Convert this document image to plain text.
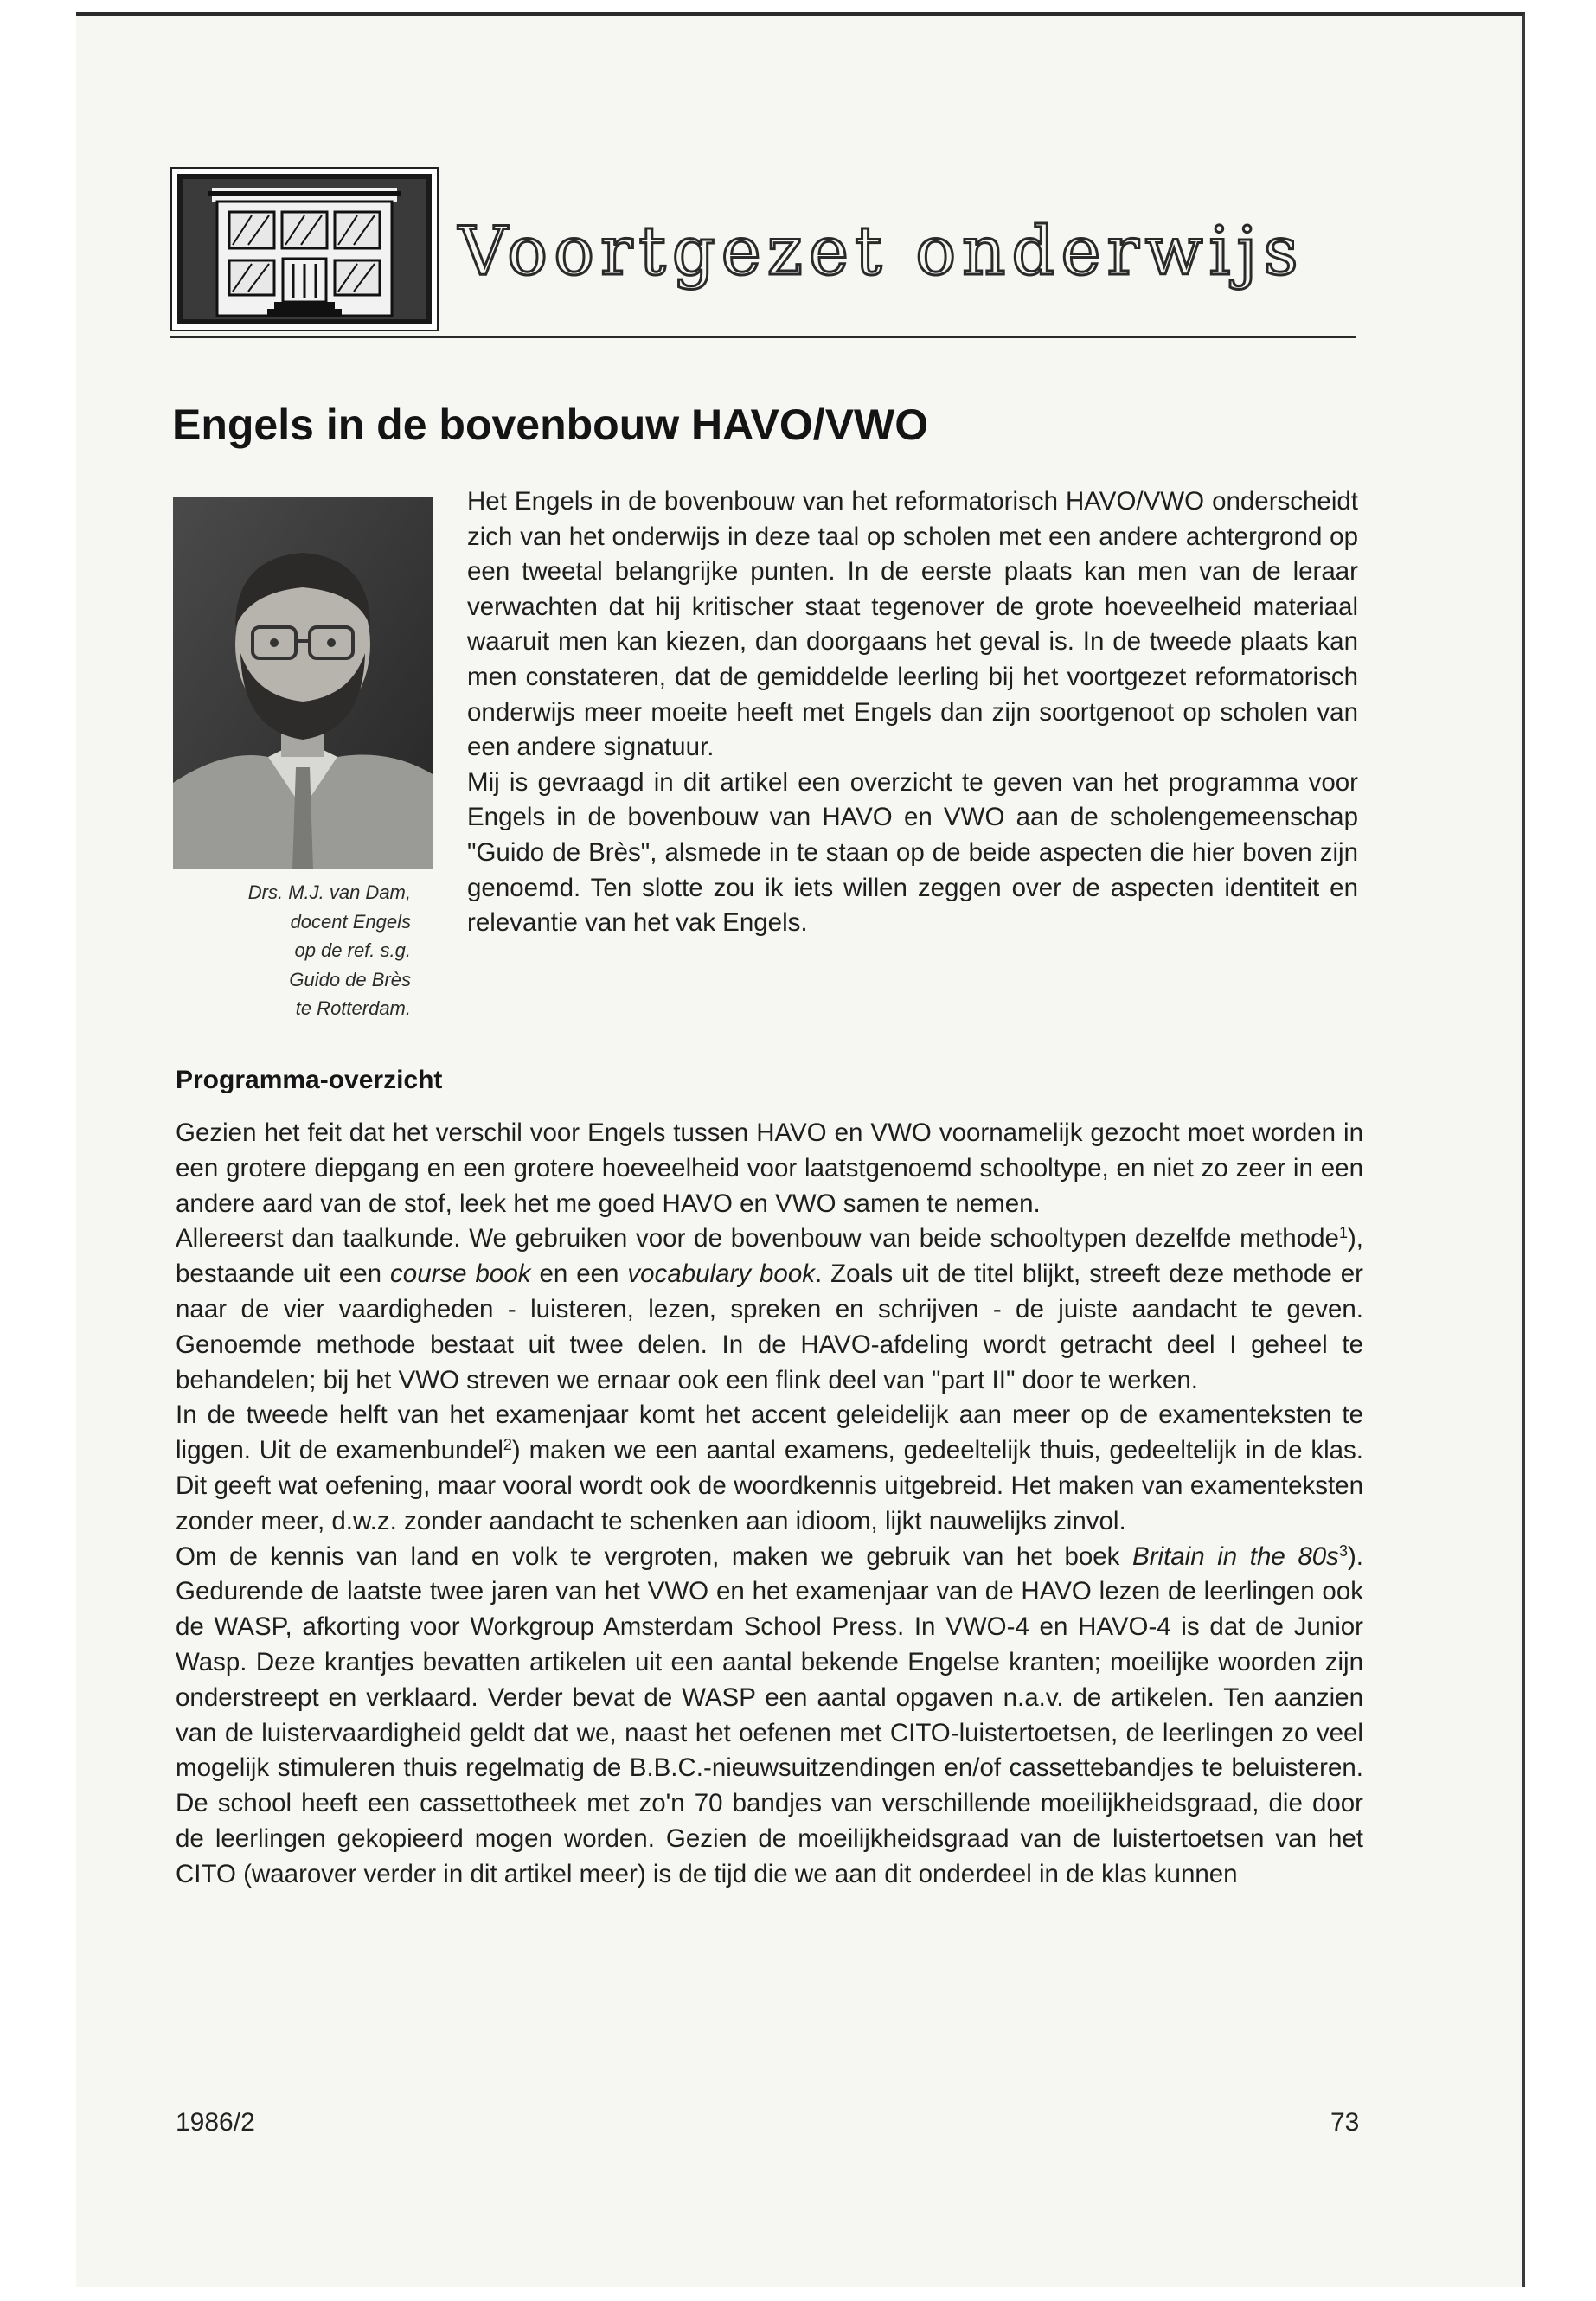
Voortgezet onderwijs
Engels in de bovenbouw HAVO/VWO
Drs. M.J. van Dam,
docent Engels
op de ref. s.g.
Guido de Brès
te Rotterdam.

Het Engels in de bovenbouw van het reformatorisch HAVO/VWO onderscheidt zich van het onderwijs in deze taal op scholen met een andere achtergrond op een tweetal belangrijke punten. In de eerste plaats kan men van de leraar verwachten dat hij kritischer staat tegenover de grote hoeveelheid materiaal waaruit men kan kiezen, dan doorgaans het geval is. In de tweede plaats kan men constateren, dat de gemiddelde leerling bij het voortgezet reformatorisch onderwijs meer moeite heeft met Engels dan zijn soortgenoot op scholen van een andere signatuur.

Mij is gevraagd in dit artikel een overzicht te geven van het programma voor Engels in de bovenbouw van HAVO en VWO aan de scholengemeenschap "Guido de Brès", alsmede in te staan op de beide aspecten die hier boven zijn genoemd. Ten slotte zou ik iets willen zeggen over de aspecten identiteit en relevantie van het vak Engels.

Programma-overzicht

Gezien het feit dat het verschil voor Engels tussen HAVO en VWO voornamelijk gezocht moet worden in een grotere diepgang en een grotere hoeveelheid voor laatstgenoemd schooltype, en niet zo zeer in een andere aard van de stof, leek het me goed HAVO en VWO samen te nemen.

Allereerst dan taalkunde. We gebruiken voor de bovenbouw van beide schooltypen dezelfde methode$^1$), bestaande uit een course book en een vocabulary book. Zoals uit de titel blijkt, streeft deze methode er naar de vier vaardigheden - luisteren, lezen, spreken en schrijven - de juiste aandacht te geven. Genoemde methode bestaat uit twee delen. In de HAVO-afdeling wordt getracht deel I geheel te behandelen; bij het VWO streven we ernaar ook een flink deel van "part II" door te werken.

In de tweede helft van het examenjaar komt het accent geleidelijk aan meer op de examenteksten te liggen. Uit de examenbundel$^2$) maken we een aantal examens, gedeeltelijk thuis, gedeeltelijk in de klas. Dit geeft wat oefening, maar vooral wordt ook de woordkennis uitgebreid. Het maken van examenteksten zonder meer, d.w.z. zonder aandacht te schenken aan idioom, lijkt nauwelijks zinvol.

Om de kennis van land en volk te vergroten, maken we gebruik van het boek Britain in the 80s$^3$). Gedurende de laatste twee jaren van het VWO en het examenjaar van de HAVO lezen de leerlingen ook de WASP, afkorting voor Workgroup Amsterdam School Press. In VWO-4 en HAVO-4 is dat de Junior Wasp. Deze krantjes bevatten artikelen uit een aantal bekende Engelse kranten; moeilijke woorden zijn onderstreept en verklaard. Verder bevat de WASP een aantal opgaven n.a.v. de artikelen. Ten aanzien van de luistervaardigheid geldt dat we, naast het oefenen met CITO-luistertoetsen, de leerlingen zo veel mogelijk stimuleren thuis regelmatig de B.B.C.-nieuwsuitzendingen en/of cassettebandjes te beluisteren. De school heeft een cassettotheek met zo'n 70 bandjes van verschillende moeilijkheidsgraad, die door de leerlingen gekopieerd mogen worden. Gezien de moeilijkheidsgraad van de luistertoetsen van het CITO (waarover verder in dit artikel meer) is de tijd die we aan dit onderdeel in de klas kunnen

1986/2	73
